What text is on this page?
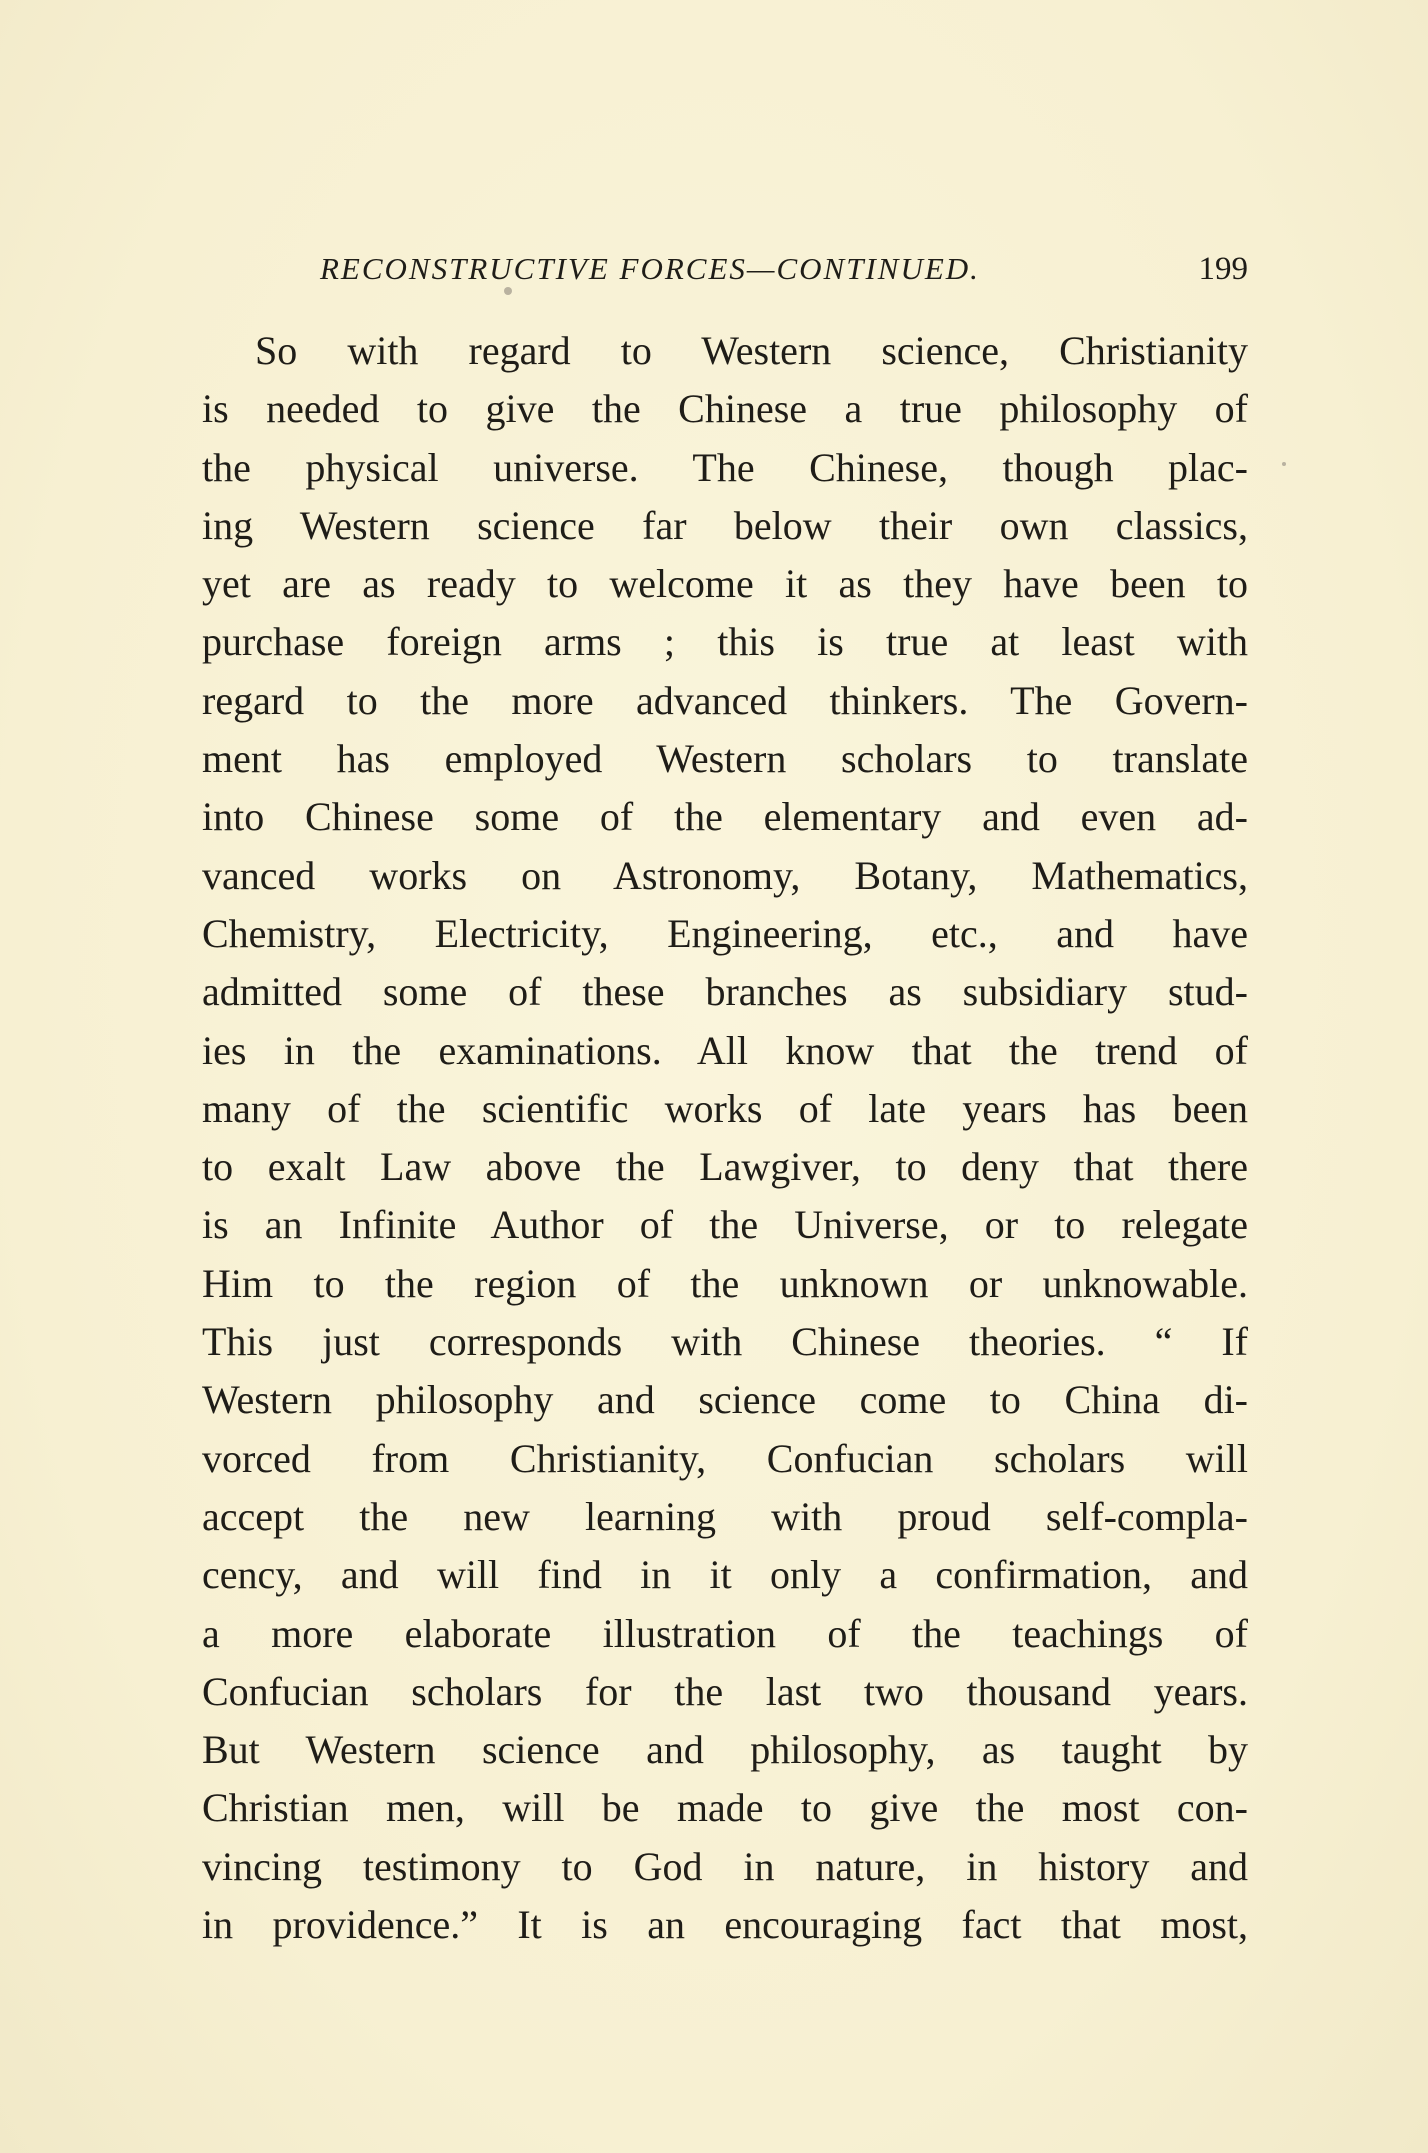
RECONSTRUCTIVE FORCES—CONTINUED.	199
So with regard to Western science, Christianity
is needed to give the Chinese a true philosophy of
the physical universe. The Chinese, though plac-
ing Western science far below their own classics,
yet are as ready to welcome it as they have been to
purchase foreign arms ; this is true at least with
regard to the more advanced thinkers. The Govern-
ment has employed Western scholars to translate
into Chinese some of the elementary and even ad-
vanced works on Astronomy, Botany, Mathematics,
Chemistry, Electricity, Engineering, etc., and have
admitted some of these branches as subsidiary stud-
ies in the examinations. All know that the trend of
many of the scientific works of late years has been
to exalt Law above the Lawgiver, to deny that there
is an Infinite Author of the Universe, or to relegate
Him to the region of the unknown or unknowable.
This just corresponds with Chinese theories. “ If
Western philosophy and science come to China di-
vorced from Christianity, Confucian scholars will
accept the new learning with proud self-compla-
cency, and will find in it only a confirmation, and
a more elaborate illustration of the teachings of
Confucian scholars for the last two thousand years.
But Western science and philosophy, as taught by
Christian men, will be made to give the most con-
vincing testimony to God in nature, in history and
in providence.” It is an encouraging fact that most,
